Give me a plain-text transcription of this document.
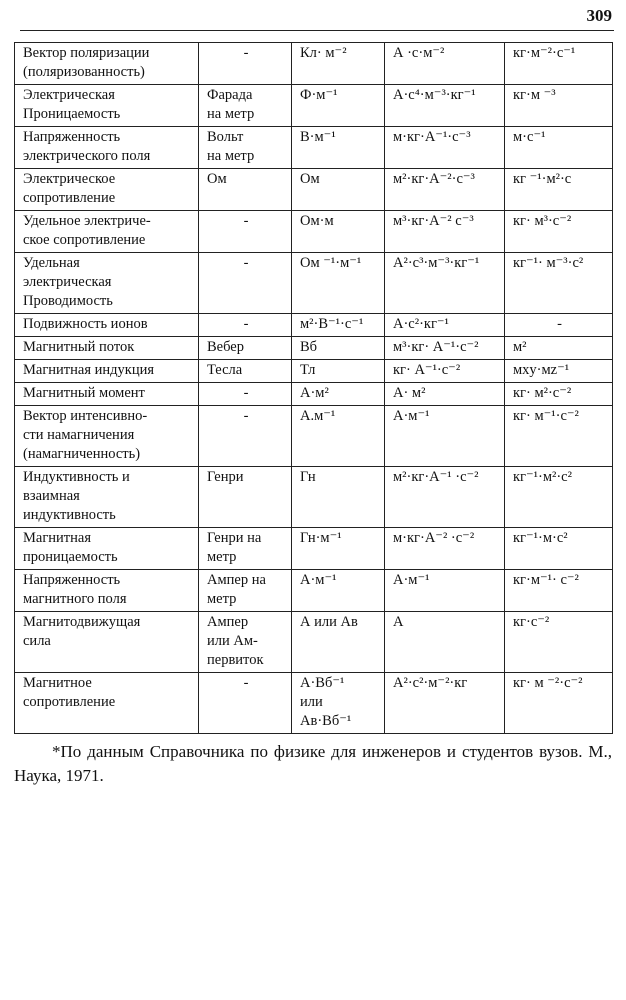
309
Вектор поляризации
(поляризованность)	-	Кл· м⁻²	А ·с·м⁻²	кг·м⁻²·с⁻¹
Электрическая
Проницаемость	Фарада
на метр	Ф·м⁻¹	А·с⁴·м⁻³·кг⁻¹	кг·м ⁻³
Напряженность
электрического поля	Вольт
на метр	В·м⁻¹	м·кг·А⁻¹·с⁻³	м·с⁻¹
Электрическое
сопротивление	Ом	Ом	м²·кг·А⁻²·с⁻³	кг ⁻¹·м²·с
Удельное электриче-
ское сопротивление	-	Ом·м	м³·кг·А⁻² с⁻³	кг· м³·с⁻²
Удельная
электрическая
Проводимость	-	Ом ⁻¹·м⁻¹	А²·с³·м⁻³·кг⁻¹	кг⁻¹· м⁻³·с²
Подвижность ионов	-	м²·В⁻¹·с⁻¹	А·с²·кг⁻¹	-
Магнитный поток	Вебер	Вб	м³·кг· А⁻¹·с⁻²	м²
Магнитная индукция	Тесла	Тл	кг· А⁻¹·с⁻²	мxy·мz⁻¹
Магнитный момент	-	А·м²	А· м²	кг· м²·с⁻²
Вектор интенсивно-
сти намагничения
(намагниченность)	-	А.м⁻¹	А·м⁻¹	кг· м⁻¹·с⁻²
Индуктивность и
взаимная
индуктивность	Генри	Гн	м²·кг·А⁻¹ ·с⁻²	кг⁻¹·м²·с²
Магнитная
проницаемость	Генри на
метр	Гн·м⁻¹	м·кг·А⁻² ·с⁻²	кг⁻¹·м·с²
Напряженность
магнитного поля	Ампер на
метр	А·м⁻¹	А·м⁻¹	кг·м⁻¹· с⁻²
Магнитодвижущая
сила	Ампер
или Ам-
первиток	А или Ав	А	кг·с⁻²
Магнитное
сопротивление	-	А·Вб⁻¹
или
Ав·Вб⁻¹	А²·с²·м⁻²·кг	кг· м ⁻²·с⁻²
*По данным Справочника по физике для инженеров и студентов вузов. М., Наука, 1971.
